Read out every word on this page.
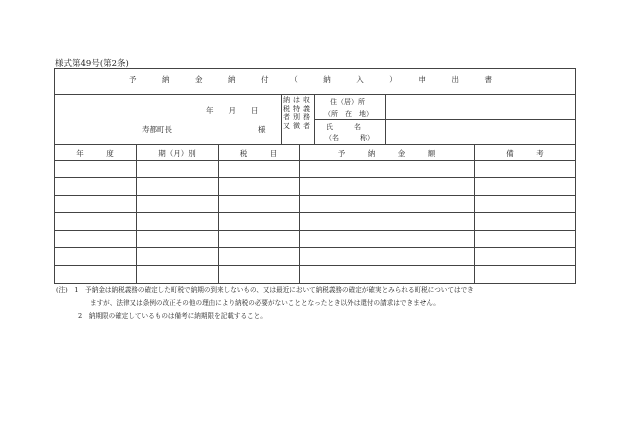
様式第49号(第2条)
予　納　金　納　付　（　納　入　）　申　出　書
年　　月　　日
寿都町長	様
納税者又
は特別徴
収義務者
住（居）所
（所　在　地）
氏　　　名
（名　　　称）
年　　　度	期（月）別	税　　　目	予　　　納　　　金　　　額	備　　　考
(注)　 1　 予納金は納税義務の確定した町税で納期の到来しないもの、又は最近において納税義務の確定が確実とみられる町税についてはでき
ますが、法律又は条例の改正その他の理由により納税の必要がないこととなったとき以外は還付の請求はできません。
2　 納期限の確定しているものは備考に納期限を記載すること。
